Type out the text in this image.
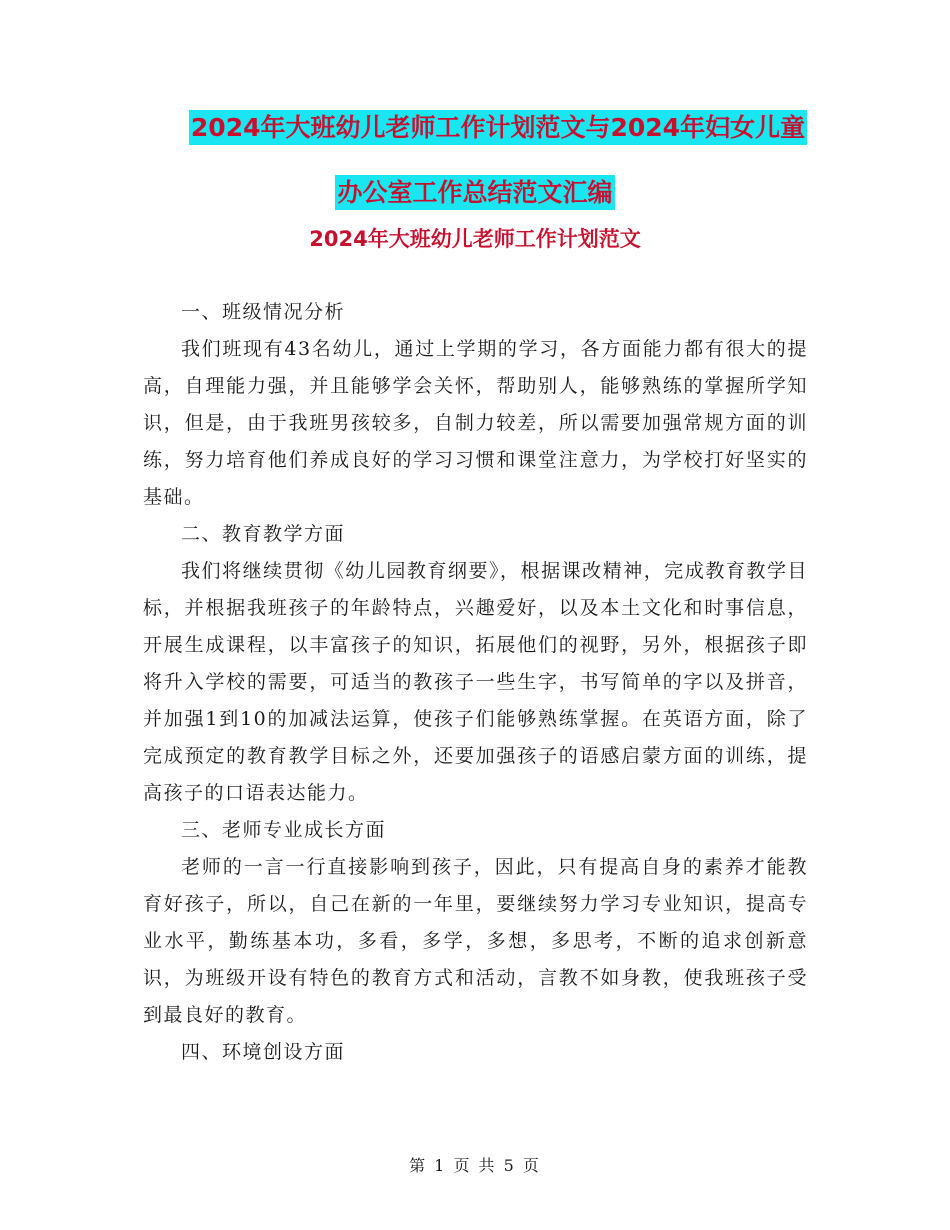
2024年大班幼儿老师工作计划范文与2024年妇女儿童
办公室工作总结范文汇编
2024年大班幼儿老师工作计划范文

一、班级情况分析

我们班现有43名幼儿，通过上学期的学习，各方面能力都有很大的提高，自理能力强，并且能够学会关怀，帮助别人，能够熟练的掌握所学知识，但是，由于我班男孩较多，自制力较差，所以需要加强常规方面的训练，努力培育他们养成良好的学习习惯和课堂注意力，为学校打好坚实的基础。

二、教育教学方面

我们将继续贯彻《幼儿园教育纲要》，根据课改精神，完成教育教学目标，并根据我班孩子的年龄特点，兴趣爱好，以及本土文化和时事信息，开展生成课程，以丰富孩子的知识，拓展他们的视野，另外，根据孩子即将升入学校的需要，可适当的教孩子一些生字，书写简单的字以及拼音，并加强1到10的加减法运算，使孩子们能够熟练掌握。在英语方面，除了完成预定的教育教学目标之外，还要加强孩子的语感启蒙方面的训练，提高孩子的口语表达能力。

三、老师专业成长方面

老师的一言一行直接影响到孩子，因此，只有提高自身的素养才能教育好孩子，所以，自己在新的一年里，要继续努力学习专业知识，提高专业水平，勤练基本功，多看，多学，多想，多思考，不断的追求创新意识，为班级开设有特色的教育方式和活动，言教不如身教，使我班孩子受到最良好的教育。

四、环境创设方面

第 1 页 共 5 页
